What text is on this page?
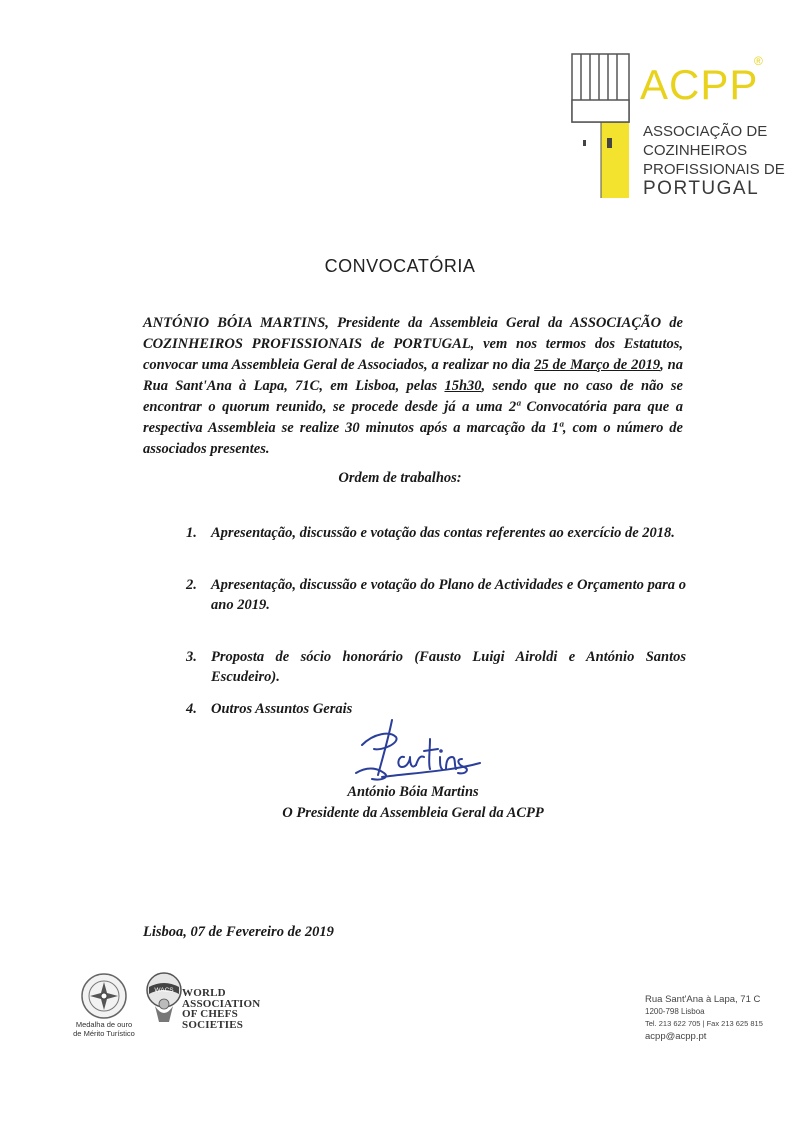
ACPP
®
ASSOCIAÇÃO DE
COZINHEIROS
PROFISSIONAIS DE
PORTUGAL
CONVOCATÓRIA
ANTÓNIO BÓIA MARTINS, Presidente da Assembleia Geral da ASSOCIAÇÃO de COZINHEIROS PROFISSIONAIS de PORTUGAL, vem nos termos dos Estatutos, convocar uma Assembleia Geral de Associados, a realizar no dia 25 de Março de 2019, na Rua Sant'Ana à Lapa, 71C, em Lisboa, pelas 15h30, sendo que no caso de não se encontrar o quorum reunido, se procede desde já a uma 2ª Convocatória para que a respectiva Assembleia se realize 30 minutos após a marcação da 1ª, com o número de associados presentes.
Ordem de trabalhos:
1. Apresentação, discussão e votação das contas referentes ao exercício de 2018.
2. Apresentação, discussão e votação do Plano de Actividades e Orçamento para o ano 2019.
3. Proposta de sócio honorário (Fausto Luigi Airoldi e António Santos Escudeiro).
4. Outros Assuntos Gerais
António Bóia Martins
O Presidente da Assembleia Geral da ACPP
Lisboa, 07 de Fevereiro de 2019
Medalha de ouro
de Mérito Turístico
WACS WORLD
ASSOCIATION
OF CHEFS
SOCIETIES
Rua Sant'Ana à Lapa, 71 C
1200-798 Lisboa
Tel. 213 622 705 | Fax 213 625 815
acpp@acpp.pt
